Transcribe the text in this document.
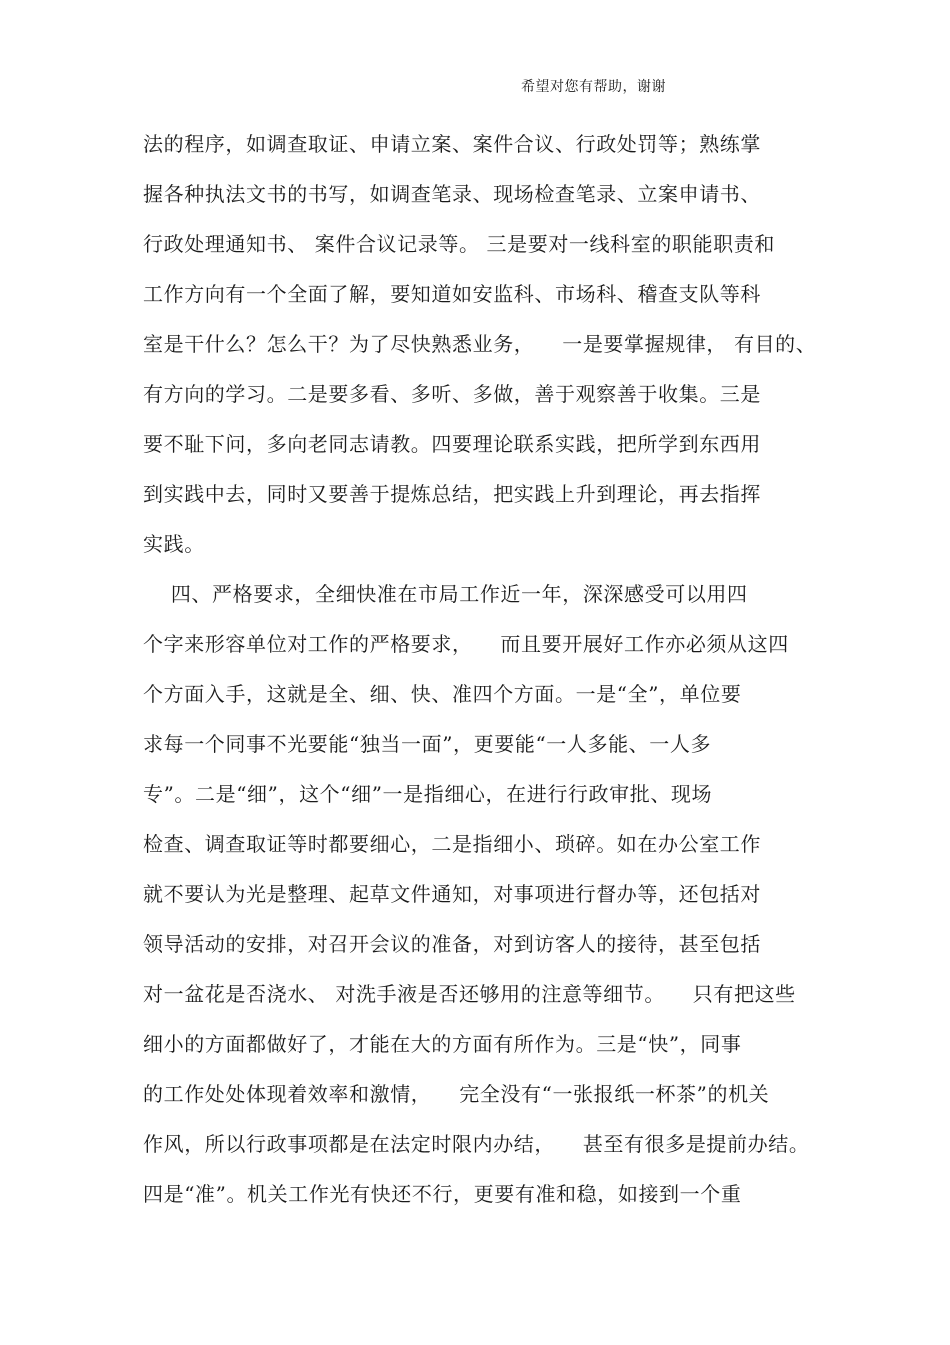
希望对您有帮助，谢谢
法的程序，如调查取证、申请立案、案件合议、行政处罚等；熟练掌
握各种执法文书的书写，如调查笔录、现场检查笔录、立案申请书、
行政处理通知书、 案件合议记录等。 三是要对一线科室的职能职责和
工作方向有一个全面了解，要知道如安监科、市场科、稽查支队等科
室是干什么？怎么干？为了尽快熟悉业务，    一是要掌握规律， 有目的、
有方向的学习。二是要多看、多听、多做，善于观察善于收集。三是
要不耻下问，多向老同志请教。四要理论联系实践，把所学到东西用
到实践中去，同时又要善于提炼总结，把实践上升到理论，再去指挥
实践。
四、严格要求，全细快准在市局工作近一年，深深感受可以用四
个字来形容单位对工作的严格要求，    而且要开展好工作亦必须从这四
个方面入手，这就是全、细、快、准四个方面。一是“全”，单位要
求每一个同事不光要能“独当一面”，更要能“一人多能、一人多
专”。二是“细”，这个“细”一是指细心，在进行行政审批、现场
检查、调查取证等时都要细心，二是指细小、琐碎。如在办公室工作
就不要认为光是整理、起草文件通知，对事项进行督办等，还包括对
领导活动的安排，对召开会议的准备，对到访客人的接待，甚至包括
对一盆花是否浇水、 对洗手液是否还够用的注意等细节。    只有把这些
细小的方面都做好了，才能在大的方面有所作为。三是“快”，同事
的工作处处体现着效率和激情，    完全没有“一张报纸一杯茶”的机关
作风，所以行政事项都是在法定时限内办结，    甚至有很多是提前办结。
四是“准”。机关工作光有快还不行，更要有准和稳，如接到一个重
